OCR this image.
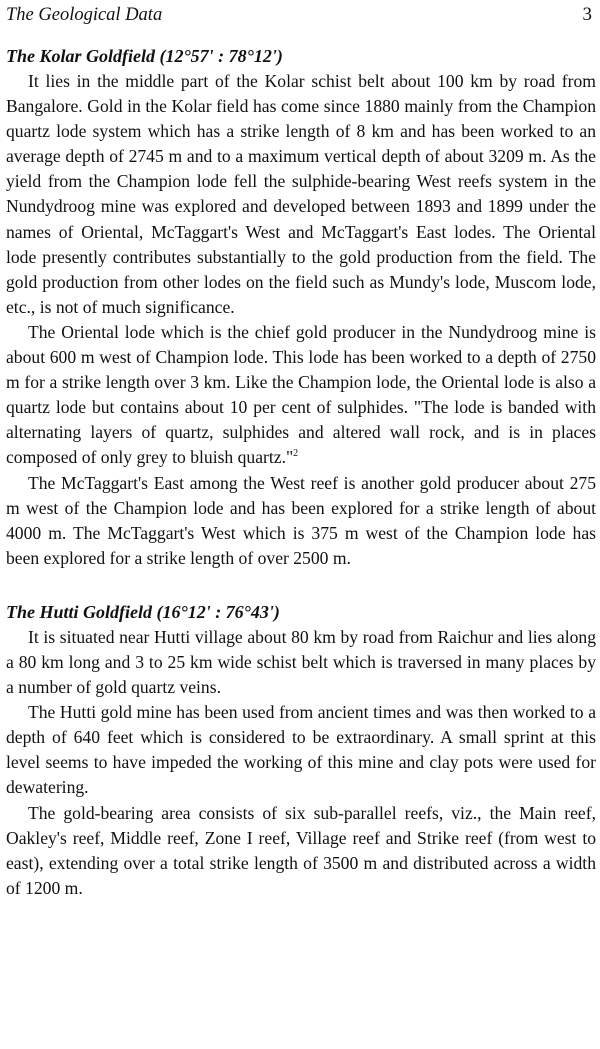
The Geological Data	3
The Kolar Goldfield (12°57' : 78°12')

It lies in the middle part of the Kolar schist belt about 100 km by road from Bangalore. Gold in the Kolar field has come since 1880 mainly from the Champion quartz lode system which has a strike length of 8 km and has been worked to an average depth of 2745 m and to a maximum vertical depth of about 3209 m. As the yield from the Champion lode fell the sulphide-bearing West reefs system in the Nundydroog mine was explored and developed between 1893 and 1899 under the names of Oriental, McTaggart's West and McTaggart's East lodes. The Oriental lode presently contributes substantially to the gold production from the field. The gold production from other lodes on the field such as Mundy's lode, Muscom lode, etc., is not of much significance.

The Oriental lode which is the chief gold producer in the Nundydroog mine is about 600 m west of Champion lode. This lode has been worked to a depth of 2750 m for a strike length over 3 km. Like the Champion lode, the Oriental lode is also a quartz lode but contains about 10 per cent of sulphides. "The lode is banded with alternating layers of quartz, sulphides and altered wall rock, and is in places composed of only grey to bluish quartz."$^2$

The McTaggart's East among the West reef is another gold producer about 275 m west of the Champion lode and has been explored for a strike length of about 4000 m. The McTaggart's West which is 375 m west of the Champion lode has been explored for a strike length of over 2500 m.

The Hutti Goldfield (16°12' : 76°43')

It is situated near Hutti village about 80 km by road from Raichur and lies along a 80 km long and 3 to 25 km wide schist belt which is traversed in many places by a number of gold quartz veins.

The Hutti gold mine has been used from ancient times and was then worked to a depth of 640 feet which is considered to be extraordinary. A small sprint at this level seems to have impeded the working of this mine and clay pots were used for dewatering.

The gold-bearing area consists of six sub-parallel reefs, viz., the Main reef, Oakley's reef, Middle reef, Zone I reef, Village reef and Strike reef (from west to east), extending over a total strike length of 3500 m and distributed across a width of 1200 m.
